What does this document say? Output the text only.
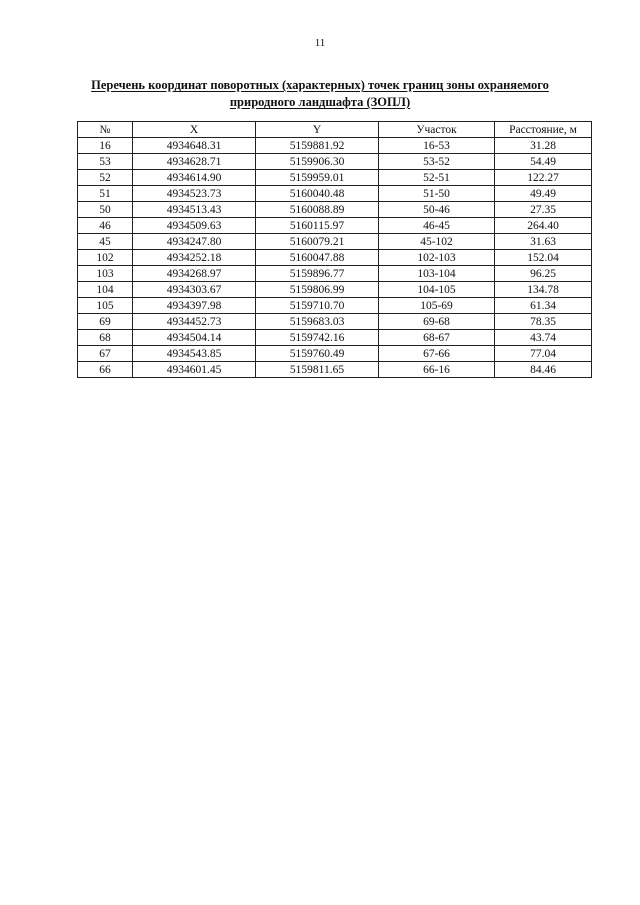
11
Перечень координат поворотных (характерных) точек границ зоны охраняемого
природного ландшафта (ЗОПЛ)
№	X	Y	Участок	Расстояние, м
16	4934648.31	5159881.92	16-53	31.28
53	4934628.71	5159906.30	53-52	54.49
52	4934614.90	5159959.01	52-51	122.27
51	4934523.73	5160040.48	51-50	49.49
50	4934513.43	5160088.89	50-46	27.35
46	4934509.63	5160115.97	46-45	264.40
45	4934247.80	5160079.21	45-102	31.63
102	4934252.18	5160047.88	102-103	152.04
103	4934268.97	5159896.77	103-104	96.25
104	4934303.67	5159806.99	104-105	134.78
105	4934397.98	5159710.70	105-69	61.34
69	4934452.73	5159683.03	69-68	78.35
68	4934504.14	5159742.16	68-67	43.74
67	4934543.85	5159760.49	67-66	77.04
66	4934601.45	5159811.65	66-16	84.46
